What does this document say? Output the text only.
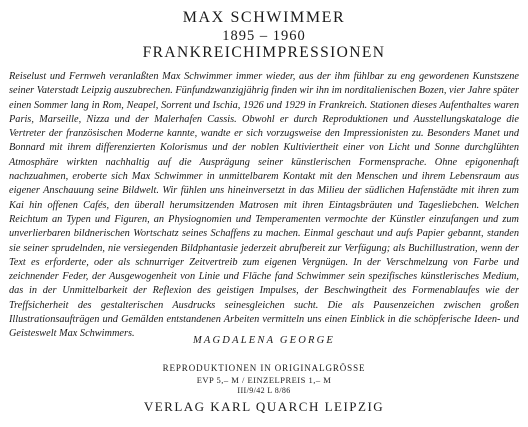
MAX SCHWIMMER
1895 – 1960
FRANKREICHIMPRESSIONEN
Reiselust und Fernweh veranlaßten Max Schwimmer immer wieder, aus der ihm fühlbar zu eng gewordenen Kunstszene seiner Vaterstadt Leipzig auszubrechen. Fünfundzwanzigjährig finden wir ihn im norditalienischen Bozen, vier Jahre später einen Sommer lang in Rom, Neapel, Sorrent und Ischia, 1926 und 1929 in Frankreich. Stationen dieses Aufenthaltes waren Paris, Marseille, Nizza und der Malerhafen Cassis. Obwohl er durch Reproduktionen und Ausstellungskataloge die Vertreter der französischen Moderne kannte, wandte er sich vorzugsweise den Impressionisten zu. Besonders Manet und Bonnard mit ihrem differenzierten Kolorismus und der noblen Kultiviertheit einer von Licht und Sonne durchglühten Atmosphäre wirkten nachhaltig auf die Ausprägung seiner künstlerischen Formensprache. Ohne epigonenhaft nachzuahmen, eroberte sich Max Schwimmer in unmittelbarem Kontakt mit den Menschen und ihrem Lebensraum aus eigener Anschauung seine Bildwelt. Wir fühlen uns hineinversetzt in das Milieu der südlichen Hafenstädte mit ihren zum Kai hin offenen Cafés, den überall herumsitzenden Matrosen mit ihren Eintagsbräuten und Tagesliebchen. Welchen Reichtum an Typen und Figuren, an Physiognomien und Temperamenten vermochte der Künstler einzufangen und zum unverlierbaren bildnerischen Wortschatz seines Schaffens zu machen. Einmal geschaut und aufs Papier gebannt, standen sie seiner sprudelnden, nie versiegenden Bildphantasie jederzeit abrufbereit zur Verfügung; als Buchillustration, wenn der Text es erforderte, oder als schnurriger Zeitvertreib zum eigenen Vergnügen. In der Verschmelzung von Farbe und zeichnender Feder, der Ausgewogenheit von Linie und Fläche fand Schwimmer sein spezifisches künstlerisches Medium, das in der Unmittelbarkeit der Reflexion des geistigen Impulses, der Beschwingtheit des Formenablaufes wie der Treffsicherheit des gestalterischen Ausdrucks seinesgleichen sucht. Die als Pausenzeichen zwischen großen Illustrationsaufträgen und Gemälden entstandenen Arbeiten vermitteln uns einen Einblick in die schöpferische Ideen- und Geisteswelt Max Schwimmers.
MAGDALENA GEORGE
REPRODUKTIONEN IN ORIGINALGRÖSSE
EVP 5,– M / EINZELPREIS 1,– M
III/9/42 L 8/86
VERLAG KARL QUARCH LEIPZIG
